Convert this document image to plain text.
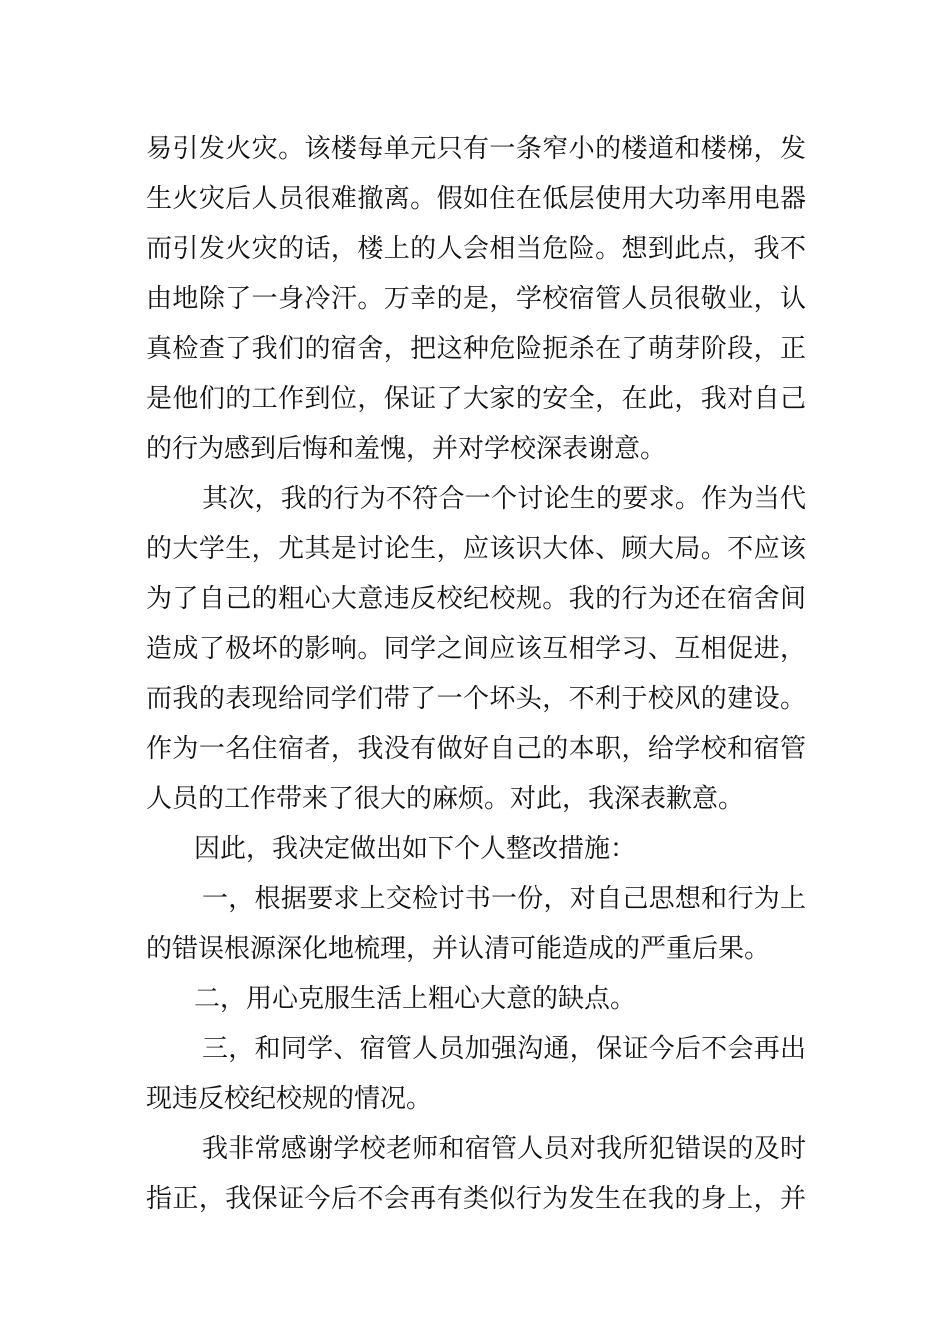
易引发火灾。该楼每单元只有一条窄小的楼道和楼梯，发
生火灾后人员很难撤离。假如住在低层使用大功率用电器
而引发火灾的话，楼上的人会相当危险。想到此点，我不
由地除了一身冷汗。万幸的是，学校宿管人员很敬业，认
真检查了我们的宿舍，把这种危险扼杀在了萌芽阶段，正
是他们的工作到位，保证了大家的安全，在此，我对自己
的行为感到后悔和羞愧，并对学校深表谢意。
其次，我的行为不符合一个讨论生的要求。作为当代
的大学生，尤其是讨论生，应该识大体、顾大局。不应该
为了自己的粗心大意违反校纪校规。我的行为还在宿舍间
造成了极坏的影响。同学之间应该互相学习、互相促进，
而我的表现给同学们带了一个坏头，不利于校风的建设。
作为一名住宿者，我没有做好自己的本职，给学校和宿管
人员的工作带来了很大的麻烦。对此，我深表歉意。
因此，我决定做出如下个人整改措施：
一，根据要求上交检讨书一份，对自己思想和行为上
的错误根源深化地梳理，并认清可能造成的严重后果。
二，用心克服生活上粗心大意的缺点。
三，和同学、宿管人员加强沟通，保证今后不会再出
现违反校纪校规的情况。
我非常感谢学校老师和宿管人员对我所犯错误的及时
指正，我保证今后不会再有类似行为发生在我的身上，并
